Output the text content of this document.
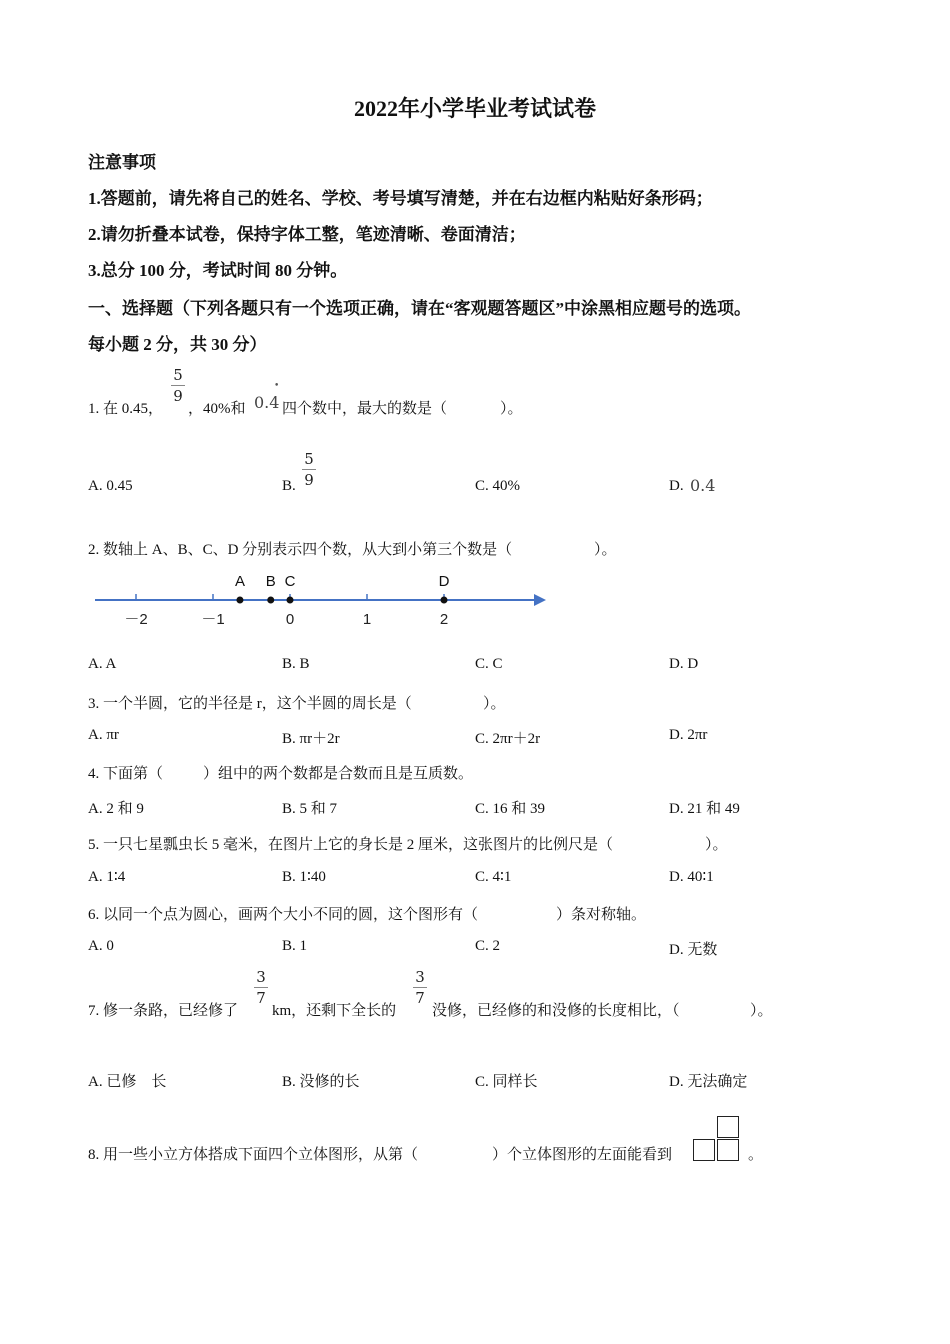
2022年小学毕业考试试卷
注意事项
1.答题前，请先将自己的姓名、学校、考号填写清楚，并在右边框内粘贴好条形码；
2.请勿折叠本试卷，保持字体工整，笔迹清晰、卷面清洁；
3.总分 100 分，考试时间 80 分钟。
一、选择题（下列各题只有一个选项正确，请在“客观题答题区”中涂黑相应题号的选项。
每小题 2 分，共 30 分）
1. 在 0.45，
5
9
，40%和 0.4
•
四个数中，最大的数是（	）。
A. 0.45	B.
5
9	C. 40%	D. 0.4
2. 数轴上 A、B、C、D 分别表示四个数，从大到小第三个数是（	）。
－2	－1	0	1	2
A B C	D
A. A	B. B	C. C	D. D
3. 一个半圆，它的半径是 r，这个半圆的周长是（	）。
A. πr	B. πr＋2r	C. 2πr＋2r	D. 2πr
4. 下面第（	）组中的两个数都是合数而且是互质数。
A. 2 和 9	B. 5 和 7	C. 16 和 39	D. 21 和 49
5. 一只七星瓢虫长 5 毫米，在图片上它的身长是 2 厘米，这张图片的比例尺是（	）。
A. 1∶4	B. 1∶40	C. 4∶1	D. 40∶1
6. 以同一个点为圆心，画两个大小不同的圆，这个图形有（	）条对称轴。
A. 0	B. 1	C. 2	D. 无数
7. 修一条路，已经修了
3
7
km，还剩下全长的
3
7
没修，已经修的和没修的长度相比，（	）。
A. 已修　长	B. 没修的长	C. 同样长	D. 无法确定
8. 用一些小立方体搭成下面四个立体图形，从第（	）个立体图形的左面能看到	。
